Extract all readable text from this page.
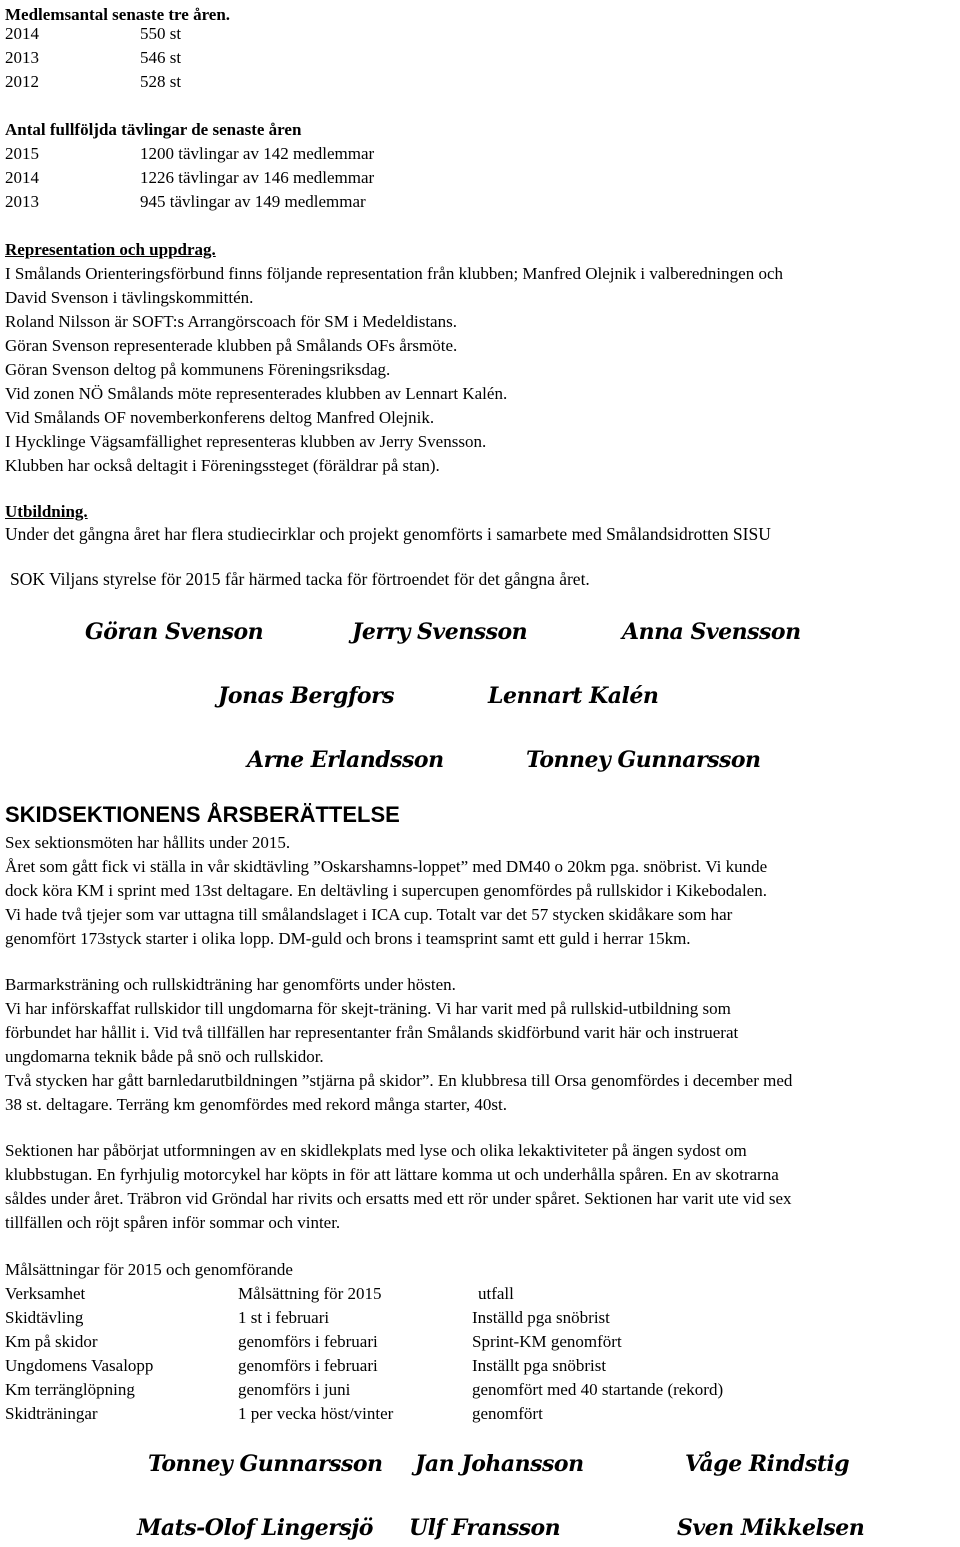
Medlemsantal senaste tre åren.
2014	550 st
2013	546 st
2012	528 st
Antal fullföljda tävlingar de senaste åren
2015	1200 tävlingar av 142 medlemmar
2014	1226 tävlingar av 146 medlemmar
2013	945 tävlingar av 149 medlemmar
Representation och uppdrag.
I Smålands Orienteringsförbund finns följande representation från klubben; Manfred Olejnik i valberedningen och
David Svenson i tävlingskommittén.
Roland Nilsson är SOFT:s Arrangörscoach för SM i Medeldistans.
Göran Svenson representerade klubben på Smålands OFs årsmöte.
Göran Svenson deltog på kommunens Föreningsriksdag.
Vid zonen NÖ Smålands möte representerades klubben av Lennart Kalén.
Vid Smålands OF novemberkonferens deltog Manfred Olejnik.
I Hycklinge Vägsamfällighet representeras klubben av Jerry Svensson.
Klubben har också deltagit i Föreningssteget (föräldrar på stan).
Utbildning.
Under det gångna året har flera studiecirklar och projekt genomförts i samarbete med Smålandsidrotten SISU
SOK Viljans styrelse för 2015 får härmed tacka för förtroendet för det gångna året.
Göran Svenson	Jerry Svensson	Anna Svensson
Jonas Bergfors	Lennart Kalén
Arne Erlandsson	Tonney Gunnarsson
SKIDSEKTIONENS ÅRSBERÄTTELSE
Sex sektionsmöten har hållits under 2015.
Året som gått fick vi ställa in vår skidtävling ”Oskarshamns-loppet” med DM40 o 20km pga. snöbrist. Vi kunde
dock köra KM i sprint med 13st deltagare. En deltävling i supercupen genomfördes på rullskidor i Kikebodalen.
Vi hade två tjejer som var uttagna till smålandslaget i ICA cup. Totalt var det 57 stycken skidåkare som har
genomfört 173styck starter i olika lopp. DM-guld och brons i teamsprint samt ett guld i herrar 15km.
Barmarksträning och rullskidträning har genomförts under hösten.
Vi har införskaffat rullskidor till ungdomarna för skejt-träning. Vi har varit med på rullskid-utbildning som
förbundet har hållit i. Vid två tillfällen har representanter från Smålands skidförbund varit här och instruerat
ungdomarna teknik både på snö och rullskidor.
Två stycken har gått barnledarutbildningen ”stjärna på skidor”. En klubbresa till Orsa genomfördes i december med
38 st. deltagare. Terräng km genomfördes med rekord många starter, 40st.
Sektionen har påbörjat utformningen av en skidlekplats med lyse och olika lekaktiviteter på ängen sydost om
klubbstugan. En fyrhjulig motorcykel har köpts in för att lättare komma ut och underhålla spåren. En av skotrarna
såldes under året. Träbron vid Gröndal har rivits och ersatts med ett rör under spåret. Sektionen har varit ute vid sex
tillfällen och röjt spåren inför sommar och vinter.
Målsättningar för 2015 och genomförande
Verksamhet	Målsättning för 2015	utfall
Skidtävling	1 st i februari	Inställd pga snöbrist
Km på skidor	genomförs i februari	Sprint-KM genomfört
Ungdomens Vasalopp	genomförs i februari	Inställt pga snöbrist
Km terränglöpning	genomförs i juni	genomfört med 40 startande (rekord)
Skidträningar	1 per vecka höst/vinter	genomfört
Tonney Gunnarsson Jan Johansson	Våge Rindstig
Mats-Olof Lingersjö Ulf Fransson	Sven Mikkelsen
